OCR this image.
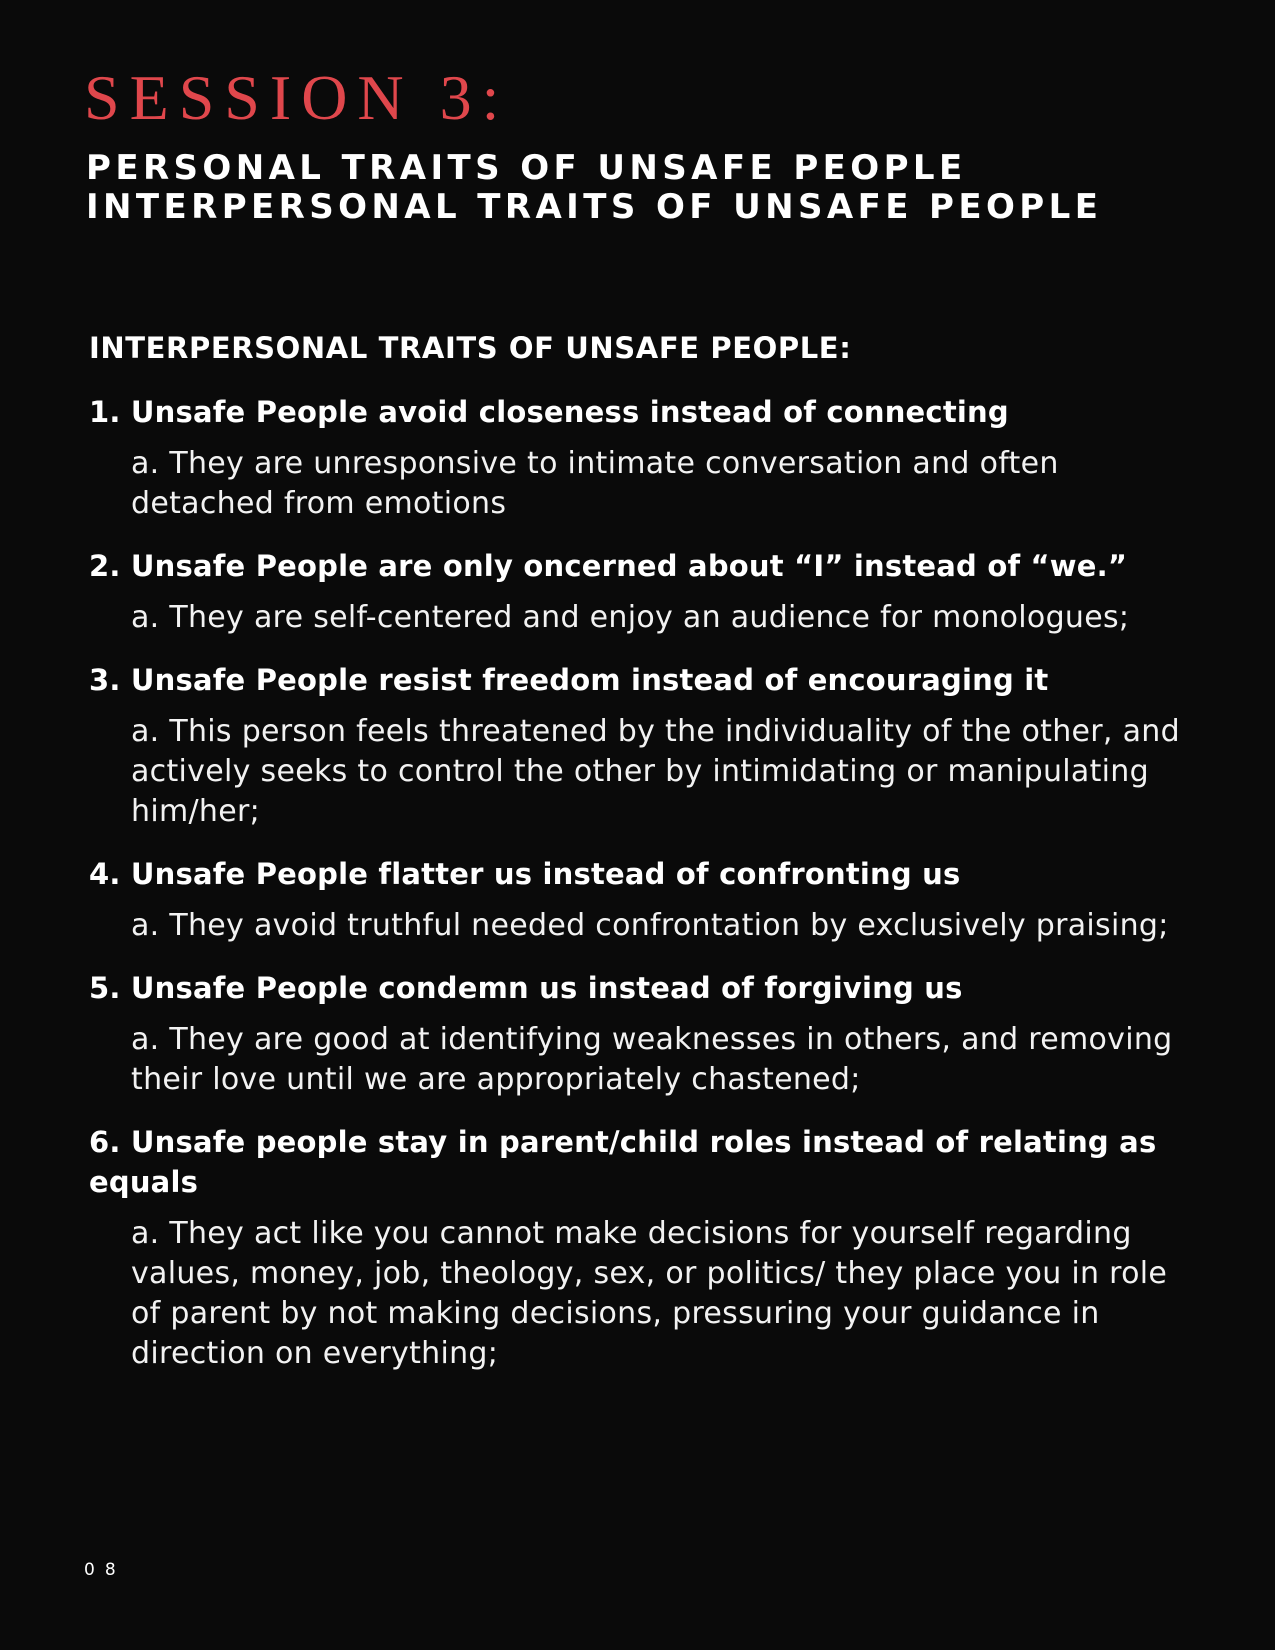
SESSION 3:
PERSONAL TRAITS OF UNSAFE PEOPLE
INTERPERSONAL TRAITS OF UNSAFE PEOPLE
INTERPERSONAL TRAITS OF UNSAFE PEOPLE:

1. Unsafe People avoid closeness instead of connecting

a. They are unresponsive to intimate conversation and often detached from emotions

2. Unsafe People are only oncerned about “I” instead of “we.”

a. They are self-centered and enjoy an audience for monologues;

3. Unsafe People resist freedom instead of encouraging it

a. This person feels threatened by the individuality of the other, and actively seeks to control the other by intimidating or manipulating him/her;

4. Unsafe People flatter us instead of confronting us

a. They avoid truthful needed confrontation by exclusively praising;

5. Unsafe People condemn us instead of forgiving us

a. They are good at identifying weaknesses in others, and removing their love until we are appropriately chastened;

6. Unsafe people stay in parent/child roles instead of relating as equals

a. They act like you cannot make decisions for yourself regarding values, money, job, theology, sex, or politics/ they place you in role of parent by not making decisions, pressuring your guidance in direction on everything;

08
